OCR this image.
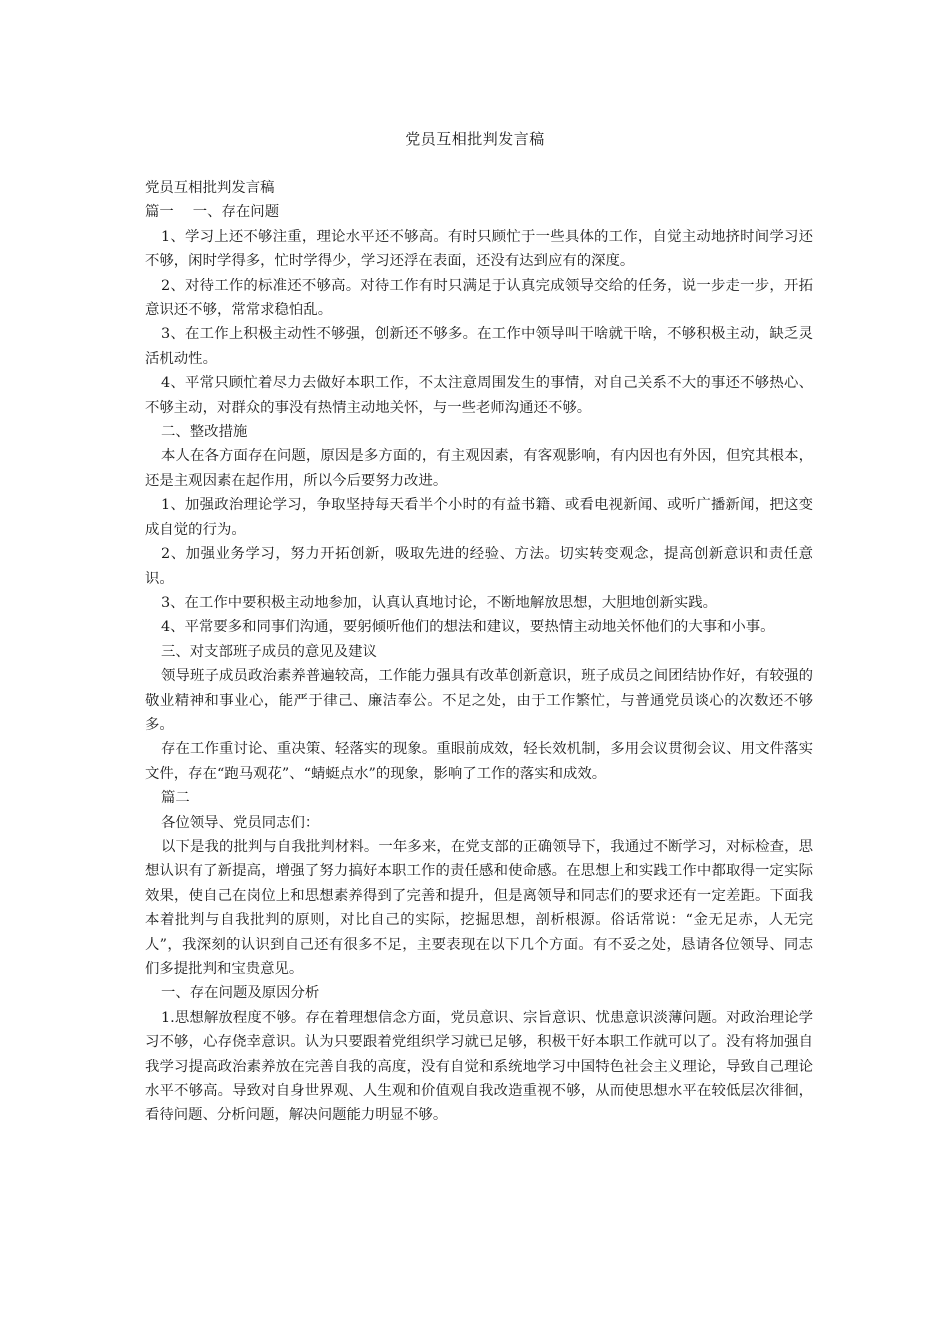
党员互相批判发言稿

党员互相批判发言稿

篇一　 一、存在问题

1、学习上还不够注重，理论水平还不够高。有时只顾忙于一些具体的工作，自觉主动地挤时间学习还不够，闲时学得多，忙时学得少，学习还浮在表面，还没有达到应有的深度。

2、对待工作的标准还不够高。对待工作有时只满足于认真完成领导交给的任务，说一步走一步，开拓意识还不够，常常求稳怕乱。

3、在工作上积极主动性不够强，创新还不够多。在工作中领导叫干啥就干啥，不够积极主动，缺乏灵活机动性。

4、平常只顾忙着尽力去做好本职工作，不太注意周围发生的事情，对自己关系不大的事还不够热心、不够主动，对群众的事没有热情主动地关怀，与一些老师沟通还不够。

二、整改措施

本人在各方面存在问题，原因是多方面的，有主观因素，有客观影响，有内因也有外因，但究其根本，还是主观因素在起作用，所以今后要努力改进。

1、加强政治理论学习，争取坚持每天看半个小时的有益书籍、或看电视新闻、或听广播新闻，把这变成自觉的行为。

2、加强业务学习，努力开拓创新，吸取先进的经验、方法。切实转变观念，提高创新意识和责任意识。

3、在工作中要积极主动地参加，认真认真地讨论，不断地解放思想，大胆地创新实践。

4、平常要多和同事们沟通，要躬倾听他们的想法和建议，要热情主动地关怀他们的大事和小事。

三、对支部班子成员的意见及建议

领导班子成员政治素养普遍较高，工作能力强具有改革创新意识，班子成员之间团结协作好，有较强的敬业精神和事业心，能严于律己、廉洁奉公。不足之处，由于工作繁忙，与普通党员谈心的次数还不够多。

存在工作重讨论、重决策、轻落实的现象。重眼前成效，轻长效机制，多用会议贯彻会议、用文件落实文件，存在“跑马观花”、“蜻蜓点水”的现象，影响了工作的落实和成效。

篇二

各位领导、党员同志们：

以下是我的批判与自我批判材料。一年多来，在党支部的正确领导下，我通过不断学习，对标检查，思想认识有了新提高，增强了努力搞好本职工作的责任感和使命感。在思想上和实践工作中都取得一定实际效果，使自己在岗位上和思想素养得到了完善和提升，但是离领导和同志们的要求还有一定差距。下面我本着批判与自我批判的原则，对比自己的实际，挖掘思想，剖析根源。俗话常说：“金无足赤，人无完人”，我深刻的认识到自己还有很多不足，主要表现在以下几个方面。有不妥之处，恳请各位领导、同志们多提批判和宝贵意见。

一、存在问题及原因分析

1.思想解放程度不够。存在着理想信念方面，党员意识、宗旨意识、忧患意识淡薄问题。对政治理论学习不够，心存侥幸意识。认为只要跟着党组织学习就已足够，积极干好本职工作就可以了。没有将加强自我学习提高政治素养放在完善自我的高度，没有自觉和系统地学习中国特色社会主义理论，导致自己理论水平不够高。导致对自身世界观、人生观和价值观自我改造重视不够，从而使思想水平在较低层次徘徊，看待问题、分析问题，解决问题能力明显不够。
